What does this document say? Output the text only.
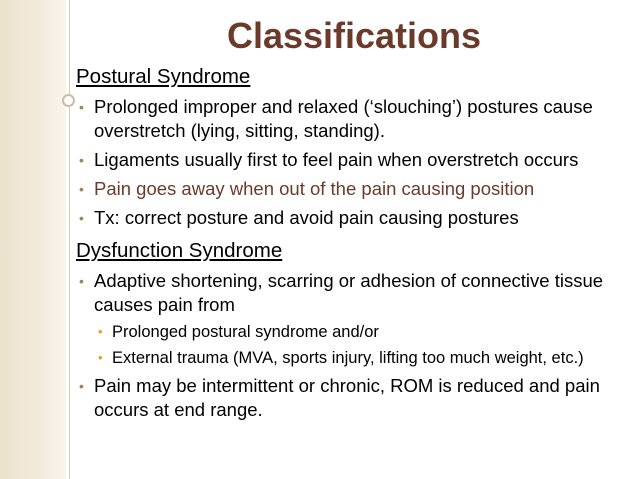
Classifications

Postural Syndrome

• Prolonged improper and relaxed (‘slouching’) postures cause overstretch (lying, sitting, standing).

• Ligaments usually first to feel pain when overstretch occurs

• Pain goes away when out of the pain causing position

• Tx: correct posture and avoid pain causing postures

Dysfunction Syndrome

• Adaptive shortening, scarring or adhesion of connective tissue causes pain from

• Prolonged postural syndrome and/or

• External trauma (MVA, sports injury, lifting too much weight, etc.)

• Pain may be intermittent or chronic, ROM is reduced and pain occurs at end range.
